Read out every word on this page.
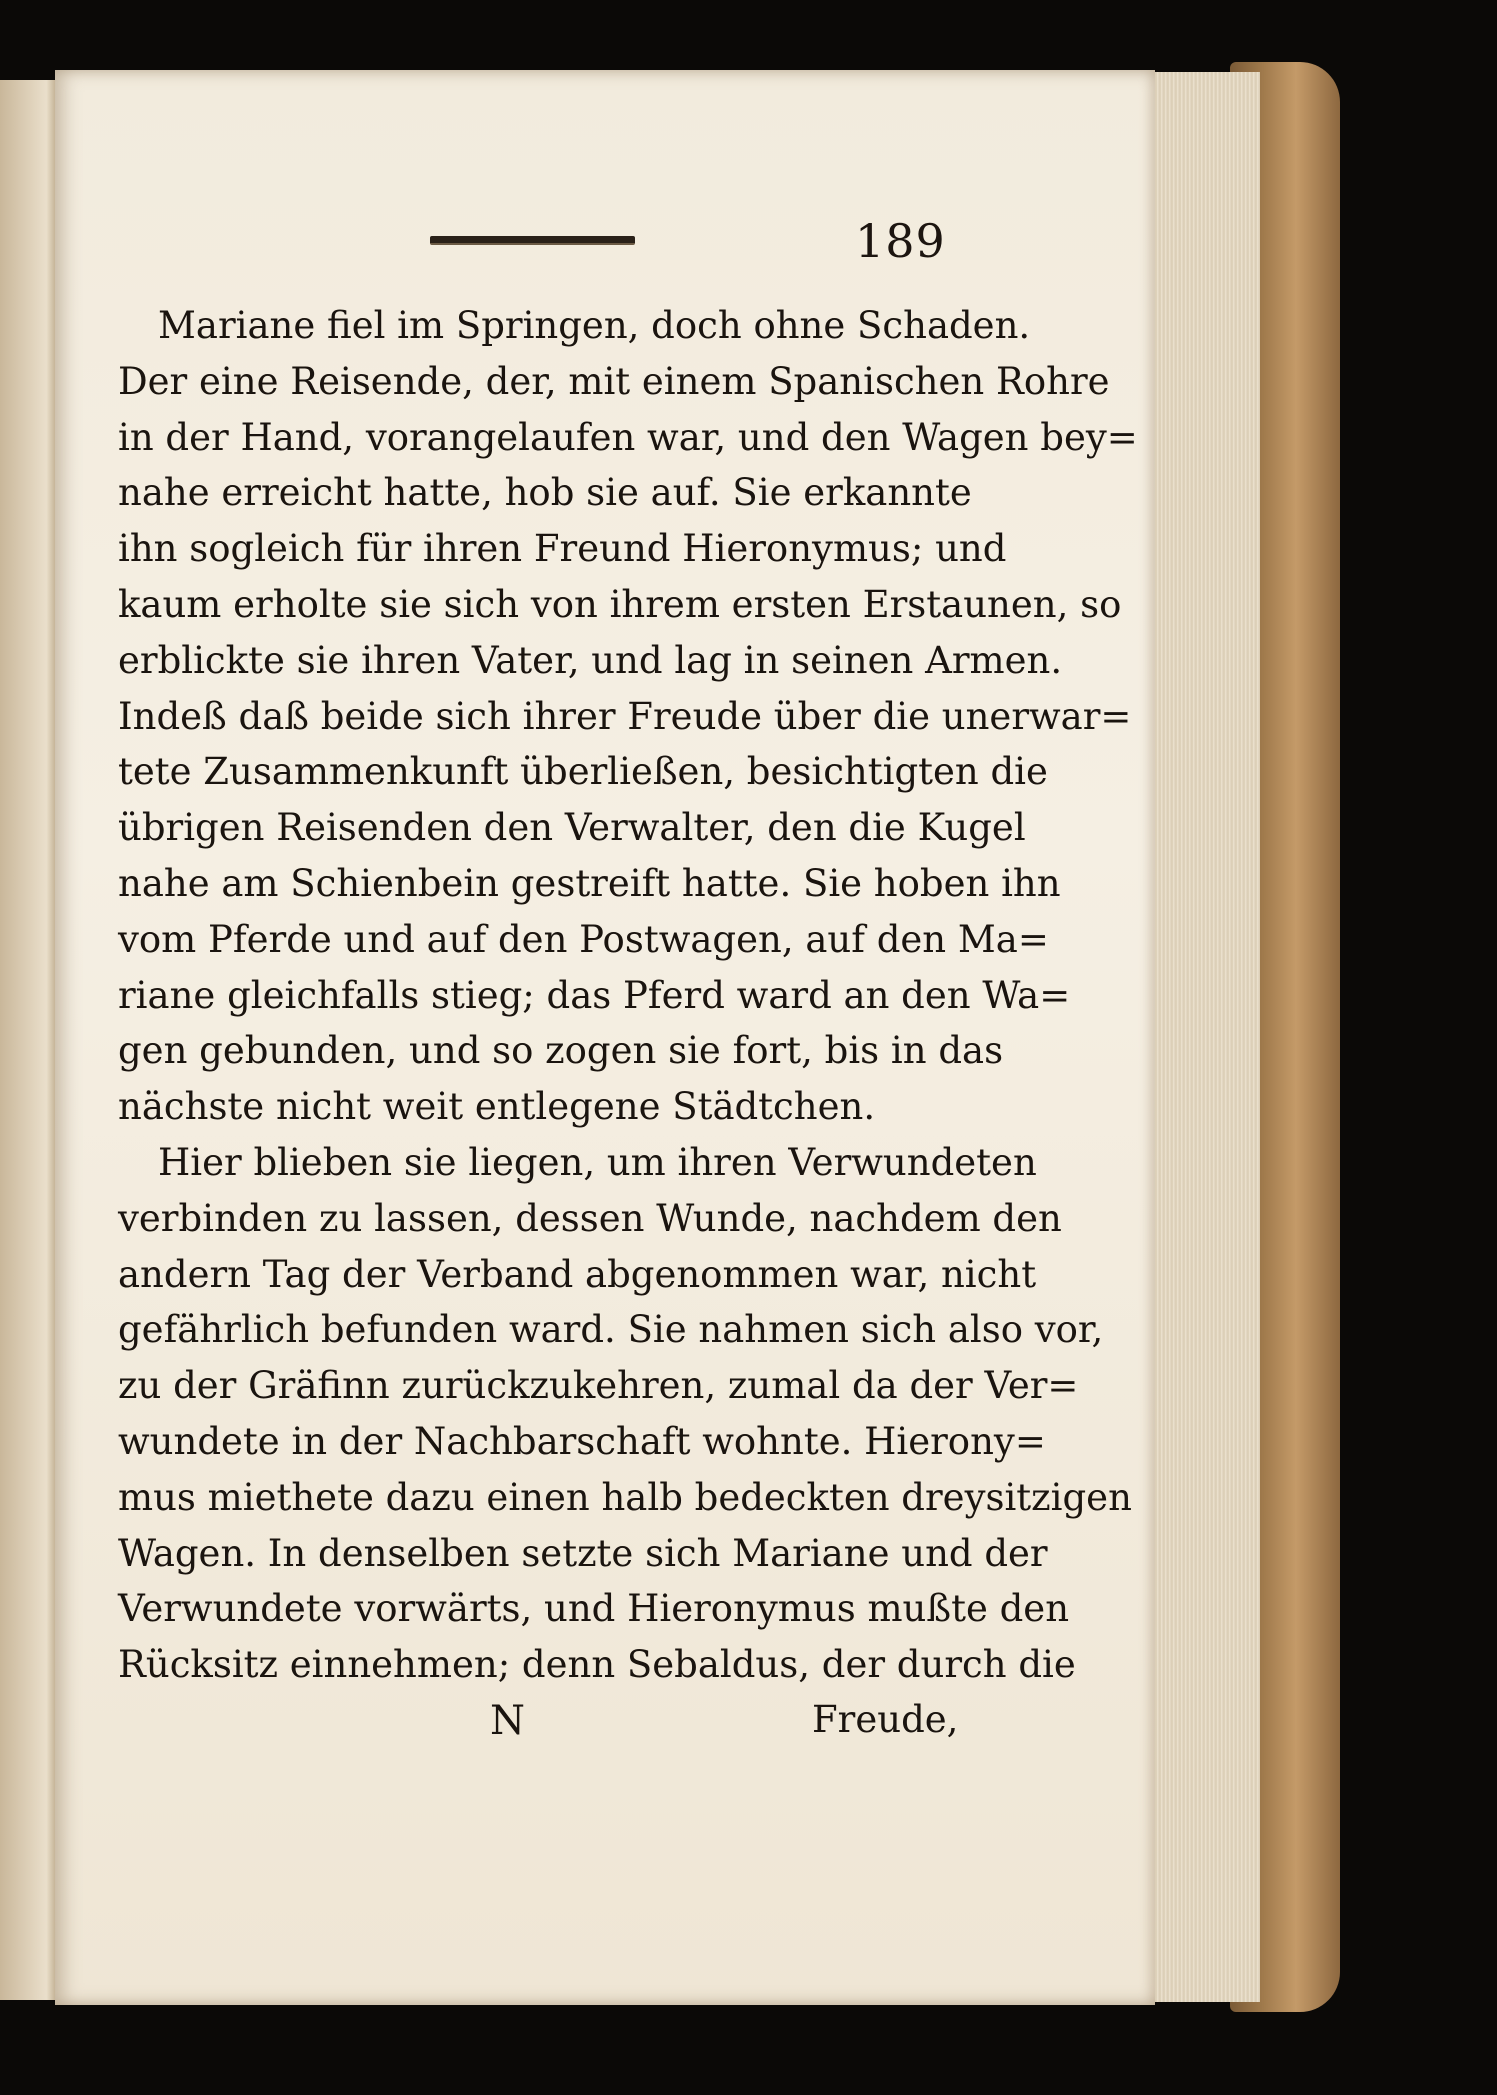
189
Mariane fiel im Springen, doch ohne Schaden.
Der eine Reisende, der, mit einem Spanischen Rohre
in der Hand, vorangelaufen war, und den Wagen bey=
nahe erreicht hatte, hob sie auf. Sie erkannte
ihn sogleich für ihren Freund Hieronymus; und
kaum erholte sie sich von ihrem ersten Erstaunen, so
erblickte sie ihren Vater, und lag in seinen Armen.
Indeß daß beide sich ihrer Freude über die unerwar=
tete Zusammenkunft überließen, besichtigten die
übrigen Reisenden den Verwalter, den die Kugel
nahe am Schienbein gestreift hatte. Sie hoben ihn
vom Pferde und auf den Postwagen, auf den Ma=
riane gleichfalls stieg; das Pferd ward an den Wa=
gen gebunden, und so zogen sie fort, bis in das
nächste nicht weit entlegene Städtchen.
Hier blieben sie liegen, um ihren Verwundeten
verbinden zu lassen, dessen Wunde, nachdem den
andern Tag der Verband abgenommen war, nicht
gefährlich befunden ward. Sie nahmen sich also vor,
zu der Gräfinn zurückzukehren, zumal da der Ver=
wundete in der Nachbarschaft wohnte. Hierony=
mus miethete dazu einen halb bedeckten dreysitzigen
Wagen. In denselben setzte sich Mariane und der
Verwundete vorwärts, und Hieronymus mußte den
Rücksitz einnehmen; denn Sebaldus, der durch die
N	Freude,
